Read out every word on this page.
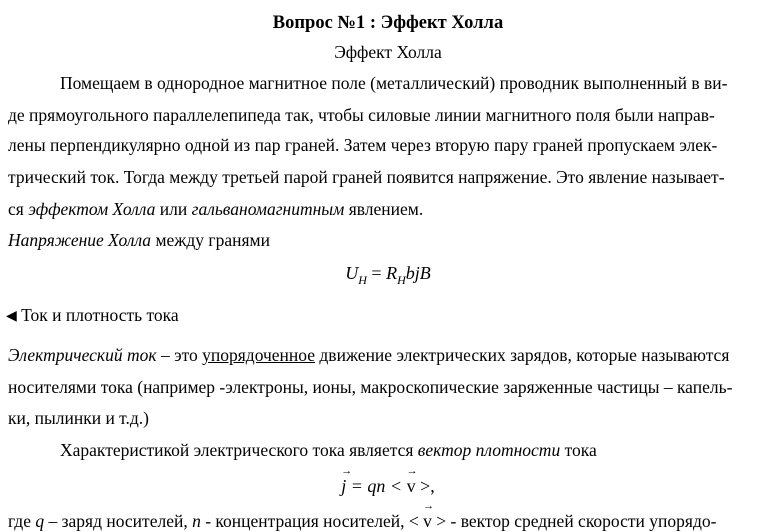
Вопрос №1 : Эффект Холла
Эффект Холла
Помещаем в однородное магнитное поле (металлический) проводник выполненный в ви-
де прямоугольного параллелепипеда так, чтобы силовые линии магнитного поля были направ-
лены перпендикулярно одной из пар граней. Затем через вторую пару граней пропускаем элек-
трический ток. Тогда между третьей парой граней появится напряжение. Это явление называет-
ся эффектом Холла или гальваномагнитным явлением.
Напряжение Холла между гранями
$U_H = R_HbjB$
◀ Ток и плотность тока
Электрический ток – это упорядоченное движение электрических зарядов, которые называются
носителями тока (например -электроны, ионы, макроскопические заряженные частицы – капель-
ки, пылинки и т.д.)
Характеристикой электрического тока является вектор плотности тока
→
j = qn <
→
v >,
где q – заряд носителей, n - концентрация носителей, <
→
v > - вектор средней скорости упорядо-
